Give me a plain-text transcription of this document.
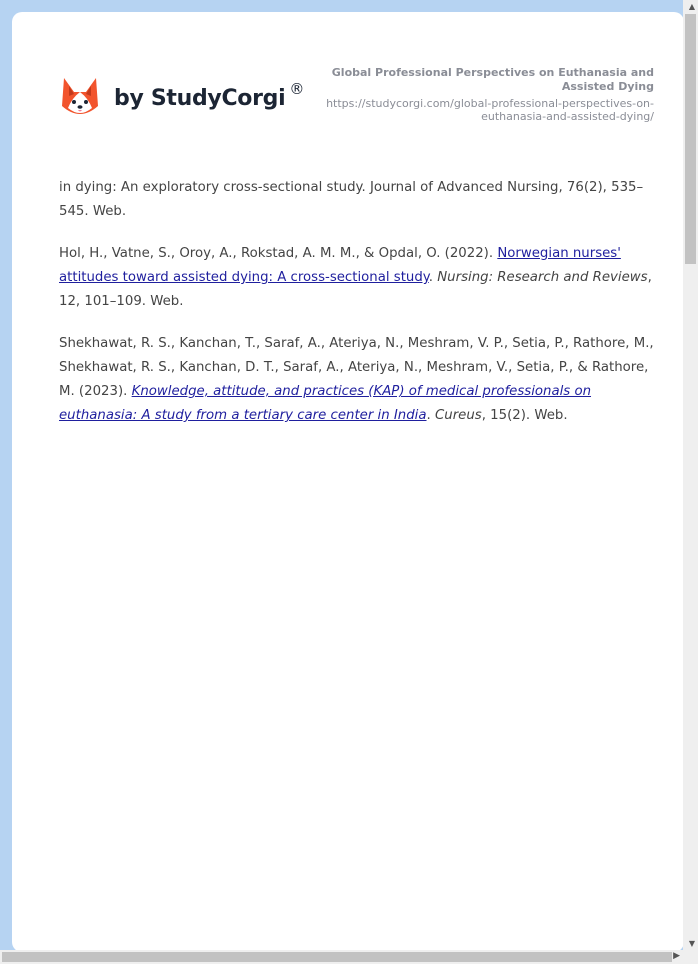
by StudyCorgi ®
Global Professional Perspectives on Euthanasia and Assisted Dying
https://studycorgi.com/global-professional-perspectives-on-euthanasia-and-assisted-dying/

in dying: An exploratory cross-sectional study. Journal of Advanced Nursing, 76(2), 535–545. Web.

Hol, H., Vatne, S., Oroy, A., Rokstad, A. M. M., & Opdal, O. (2022). Norwegian nurses' attitudes toward assisted dying: A cross-sectional study. Nursing: Research and Reviews, 12, 101–109. Web.

Shekhawat, R. S., Kanchan, T., Saraf, A., Ateriya, N., Meshram, V. P., Setia, P., Rathore, M., Shekhawat, R. S., Kanchan, D. T., Saraf, A., Ateriya, N., Meshram, V., Setia, P., & Rathore, M. (2023). Knowledge, attitude, and practices (KAP) of medical professionals on euthanasia: A study from a tertiary care center in India. Cureus, 15(2). Web.

▲
▼
▶
